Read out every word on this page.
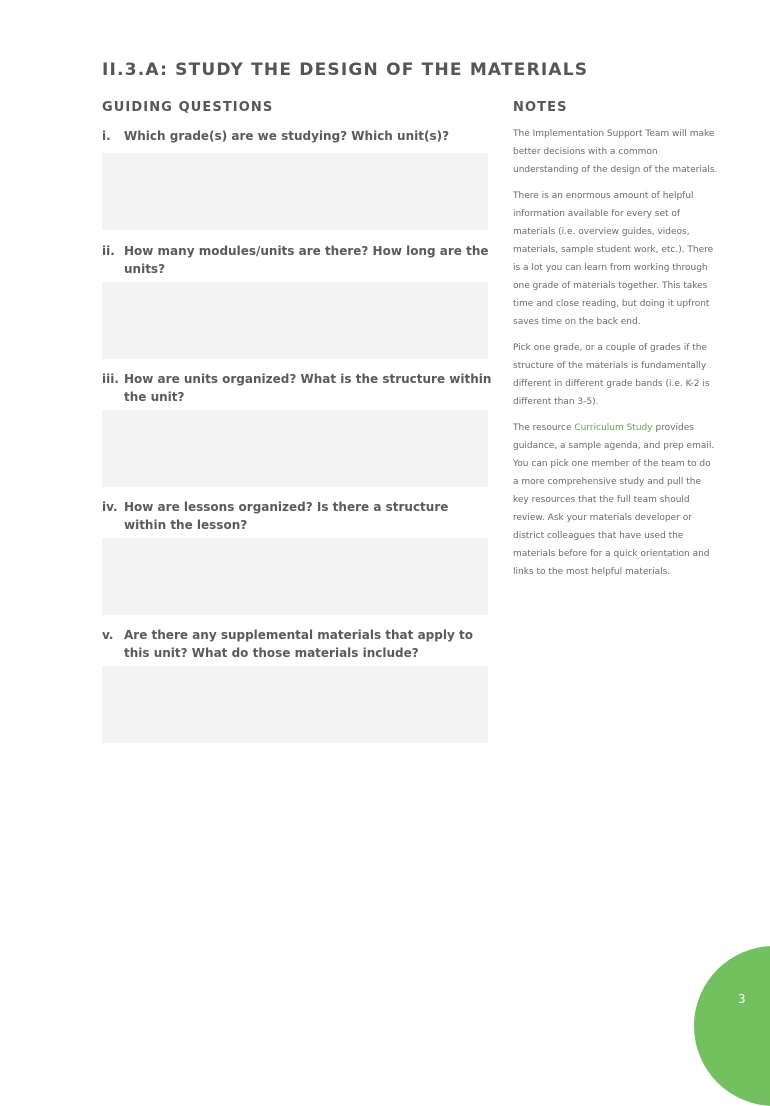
II.3.A: STUDY THE DESIGN OF THE MATERIALS
GUIDING QUESTIONS	NOTES
i. Which grade(s) are we studying? Which unit(s)?
ii. How many modules/units are there? How long are the units?
iii. How are units organized? What is the structure within the unit?
iv. How are lessons organized? Is there a structure within the lesson?
v. Are there any supplemental materials that apply to this unit? What do those materials include?

The Implementation Support Team will make better decisions with a common understanding of the design of the materials.

There is an enormous amount of helpful information available for every set of materials (i.e. overview guides, videos, materials, sample student work, etc.). There is a lot you can learn from working through one grade of materials together. This takes time and close reading, but doing it upfront saves time on the back end.

Pick one grade, or a couple of grades if the structure of the materials is fundamentally different in different grade bands (i.e. K-2 is different than 3-5).

The resource Curriculum Study provides guidance, a sample agenda, and prep email. You can pick one member of the team to do a more comprehensive study and pull the key resources that the full team should review. Ask your materials developer or district colleagues that have used the materials before for a quick orientation and links to the most helpful materials.

3
